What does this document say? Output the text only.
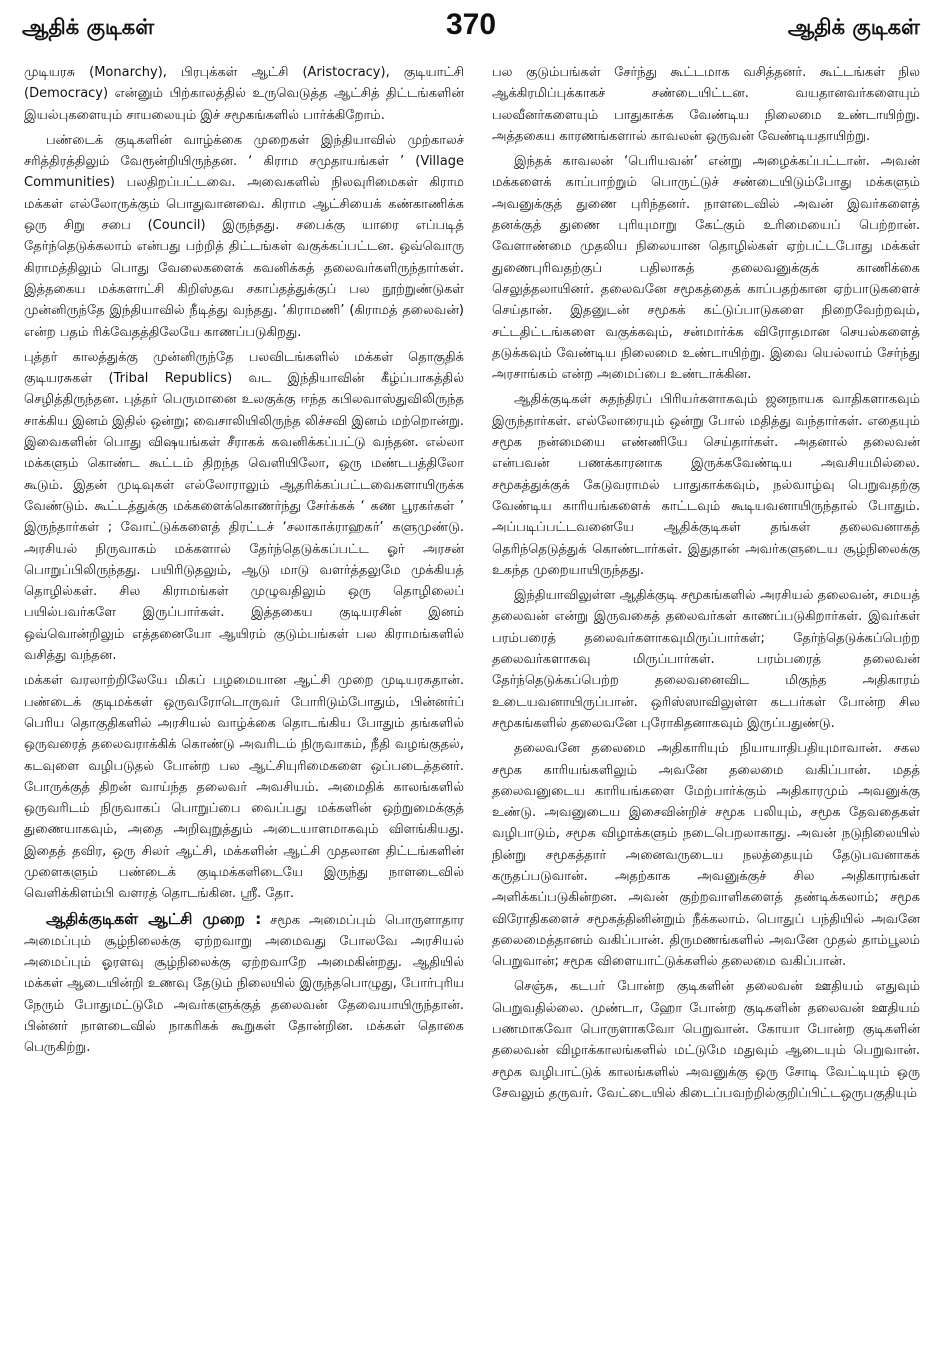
ஆதிக் குடிகள்	370	ஆதிக் குடிகள்

முடியரசு (Monarchy), பிரபுக்கள் ஆட்சி (Aristocracy), குடியாட்சி (Democracy) என்னும் பிற்காலத்தில் உருவெடுத்த ஆட்சித் திட்டங்களின் இயல்புகளையும் சாயலையும் இச் சமூகங்களில் பார்க்கிறோம்.

பண்டைக் குடிகளின் வாழ்க்கை முறைகள் இந்தியாவில் முற்காலச் சரித்திரத்திலும் வேரூன்றியிருந்தன. ‘ கிராம சமுதாயங்கள் ’ (Village Communities) பலதிறப்பட்டவை. அவைகளில் நிலவுரிமைகள் கிராம மக்கள் எல்லோருக்கும் பொதுவானவை. கிராம ஆட்சியைக் கண்காணிக்க ஒரு சிறு சபை (Council) இருந்தது. சபைக்கு யாரை எப்படித் தேர்ந்தெடுக்கலாம் என்பது பற்றித் திட்டங்கள் வகுக்கப்பட்டன. ஒவ்வொரு கிராமத்திலும் பொது வேலைகளைக் கவனிக்கத் தலைவர்களிருந்தார்கள். இத்தகைய மக்களாட்சி கிறிஸ்தவ சகாப்தத்துக்குப் பல நூற்றுண்டுகள் முன்னிருந்தே இந்தியாவில் நீடித்து வந்தது. ‘கிராமணி’ (கிராமத் தலைவன்) என்ற பதம் ரிக்வேதத்திலேயே காணப்படுகிறது.

புத்தர் காலத்துக்கு முன்னிருந்தே பலவிடங்களில் மக்கள் தொகுதிக் குடியரசுகள் (Tribal Republics) வட இந்தியாவின் கீழ்ப்பாகத்தில் செழித்திருந்தன. புத்தர் பெருமானை உலகுக்கு ஈந்த கபிலவாஸ்துவிலிருந்த சாக்கிய இனம் இதில் ஒன்று; வைசாலியிலிருந்த லிச்சவி இனம் மற்றொன்று. இவைகளின் பொது விஷயங்கள் சீராகக் கவனிக்கப்பட்டு வந்தன. எல்லா மக்களும் கொண்ட கூட்டம் திறந்த வெளியிலோ, ஒரு மண்டபத்திலோ கூடும். இதன் முடிவுகள் எல்லோராலும் ஆதரிக்கப்பட்டவைகளாயிருக்க வேண்டும். கூட்டத்துக்கு மக்களைக்கொணர்ந்து சேர்க்கக் ‘ கண பூரகர்கள் ’ இருந்தார்கள் ; வோட்டுக்களைத் திரட்டச் ‘சலாகாக்ராஹகர்’ களுமுண்டு. அரசியல் நிருவாகம் மக்களால் தேர்ந்தெடுக்கப்பட்ட ஓர் அரசன் பொறுப்பிலிருந்தது. பயிரிடுதலும், ஆடு மாடு வளர்த்தலுமே முக்கியத் தொழில்கள். சில கிராமங்கள் முழுவதிலும் ஒரு தொழிலைப் பயில்பவர்களே இருப்பார்கள். இத்தகைய குடியரசின் இனம் ஒவ்வொன்றிலும் எத்தனையோ ஆயிரம் குடும்பங்கள் பல கிராமங்களில் வசித்து வந்தன.

மக்கள் வரலாற்றிலேயே மிகப் பழமையான ஆட்சி முறை முடியரசுதான். பண்டைக் குடிமக்கள் ஒருவரோடொருவர் போரிடும்போதும், பின்னர்ப் பெரிய தொகுதிகளில் அரசியல் வாழ்க்கை தொடங்கிய போதும் தங்களில் ஒருவரைத் தலைவராக்கிக் கொண்டு அவரிடம் நிருவாகம், நீதி வழங்குதல், கடவுளை வழிபடுதல் போன்ற பல ஆட்சியுரிமைகளை ஒப்படைத்தனர். போருக்குத் திறன் வாய்ந்த தலைவர் அவசியம். அமைதிக் காலங்களில் ஒருவரிடம் நிருவாகப் பொறுப்பை வைப்பது மக்களின் ஒற்றுமைக்குத் துணையாகவும், அதை அறிவுறுத்தும் அடையாளமாகவும் விளங்கியது. இதைத் தவிர, ஒரு சிலர் ஆட்சி, மக்களின் ஆட்சி முதலான திட்டங்களின் முளைகளும் பண்டைக் குடிமக்களிடையே இருந்து நாளடைவில் வெளிக்கிளம்பி வளரத் தொடங்கின. ஸ்ரீ. தோ.

ஆதிக்குடிகள் ஆட்சி முறை : சமூக அமைப்பும் பொருளாதார அமைப்பும் சூழ்நிலைக்கு ஏற்றவாறு அமைவது போலவே அரசியல் அமைப்பும் ஓரளவு சூழ்நிலைக்கு ஏற்றவாறே அமைகின்றது. ஆதியில் மக்கள் ஆடையின்றி உணவு தேடும் நிலையில் இருந்தபொழுது, போர்புரிய நேரும் போதுமட்டுமே அவர்களுக்குத் தலைவன் தேவையாயிருந்தான். பின்னர் நாளடைவில் நாகரிகக் கூறுகள் தோன்றின. மக்கள் தொகை பெருகிற்று.

பல குடும்பங்கள் சேர்ந்து கூட்டமாக வசித்தனர். கூட்டங்கள் நில ஆக்கிரமிப்புக்காகச் சண்டையிட்டன. வயதானவர்களையும் பலவீனர்களையும் பாதுகாக்க வேண்டிய நிலைமை உண்டாயிற்று. அத்தகைய காரணங்களால் காவலன் ஒருவன் வேண்டியதாயிற்று.

இந்தக் காவலன் ‘பெரியவன்’ என்று அழைக்கப்பட்டான். அவன் மக்களைக் காப்பாற்றும் பொருட்டுச் சண்டையிடும்போது மக்களும் அவனுக்குத் துணை புரிந்தனர். நாளடைவில் அவன் இவர்களைத் தனக்குத் துணை புரியுமாறு கேட்கும் உரிமையைப் பெற்றான். வேளாண்மை முதலிய நிலையான தொழில்கள் ஏற்பட்டபோது மக்கள் துணைபுரிவதற்குப் பதிலாகத் தலைவனுக்குக் காணிக்கை செலுத்தலாயினர். தலைவனே சமூகத்தைக் காப்பதற்கான ஏற்பாடுகளைச் செய்தான். இதனுடன் சமூகக் கட்டுப்பாடுகளை நிறைவேற்றவும், சட்டதிட்டங்களை வகுக்கவும், சன்மார்க்க விரோதமான செயல்களைத் தடுக்கவும் வேண்டிய நிலைமை உண்டாயிற்று. இவை யெல்லாம் சேர்ந்து அரசாங்கம் என்ற அமைப்பை உண்டாக்கின.

ஆதிக்குடிகள் சுதந்திரப் பிரியர்களாகவும் ஜனநாயக வாதிகளாகவும் இருந்தார்கள். எல்லோரையும் ஒன்று போல் மதித்து வந்தார்கள். எதையும் சமூக நன்மையை எண்ணியே செய்தார்கள். அதனால் தலைவன் என்பவன் பணக்காரனாக இருக்கவேண்டிய அவசியமில்லை. சமூகத்துக்குக் கேடுவராமல் பாதுகாக்கவும், நல்வாழ்வு பெறுவதற்கு வேண்டிய காரியங்களைக் காட்டவும் கூடியவனாயிருந்தால் போதும். அப்படிப்பட்டவனையே ஆதிக்குடிகள் தங்கள் தலைவனாகத் தெரிந்தெடுத்துக் கொண்டார்கள். இதுதான் அவர்களுடைய சூழ்நிலைக்கு உகந்த முறையாயிருந்தது.

இந்தியாவிலுள்ள ஆதிக்குடி சமூகங்களில் அரசியல் தலைவன், சமயத் தலைவன் என்று இருவகைத் தலைவர்கள் காணப்படுகிறார்கள். இவர்கள் பரம்பரைத் தலைவர்களாகவுமிருப்பார்கள்; தேர்ந்தெடுக்கப்பெற்ற தலைவர்களாகவு மிருப்பார்கள். பரம்பரைத் தலைவன் தேர்ந்தெடுக்கப்பெற்ற தலைவனைவிட மிகுந்த அதிகாரம் உடையவனாயிருப்பான். ஒரிஸ்ஸாவிலுள்ள கடபர்கள் போன்ற சில சமூகங்களில் தலைவனே புரோகிதனாகவும் இருப்பதுண்டு.

தலைவனே தலைமை அதிகாரியும் நியாயாதிபதியுமாவான். சகல சமூக காரியங்களிலும் அவனே தலைமை வகிப்பான். மதத் தலைவனுடைய காரியங்களை மேற்பார்க்கும் அதிகாரமும் அவனுக்கு உண்டு. அவனுடைய இசைவின்றிச் சமூக பலியும், சமூக தேவதைகள் வழிபாடும், சமூக விழாக்களும் நடைபெறலாகாது. அவன் நடுநிலையில் நின்று சமூகத்தார் அனைவருடைய நலத்தையும் தேடுபவனாகக் கருதப்படுவான். அதற்காக அவனுக்குச் சில அதிகாரங்கள் அளிக்கப்படுகின்றன. அவன் குற்றவாளிகளைத் தண்டிக்கலாம்; சமூக விரோதிகளைச் சமூகத்தினின்றும் நீக்கலாம். பொதுப் பந்தியில் அவனே தலைமைத்தானம் வகிப்பான். திருமணங்களில் அவனே முதல் தாம்பூலம் பெறுவான்; சமூக விளையாட்டுக்களில் தலைமை வகிப்பான்.

செஞ்சு, கடபர் போன்ற குடிகளின் தலைவன் ஊதியம் எதுவும் பெறுவதில்லை. முண்டா, ஹோ போன்ற குடிகளின் தலைவன் ஊதியம் பணமாகவோ பொருளாகவோ பெறுவான். கோயா போன்ற குடிகளின் தலைவன் விழாக்காலங்களில் மட்டுமே மதுவும் ஆடையும் பெறுவான். சமூக வழிபாட்டுக் காலங்களில் அவனுக்கு ஒரு சோடி வேட்டியும் ஒரு சேவலும் தருவர். வேட்டையில் கிடைப்பவற்றில்குறிப்பிட்டஒருபகுதியும்
